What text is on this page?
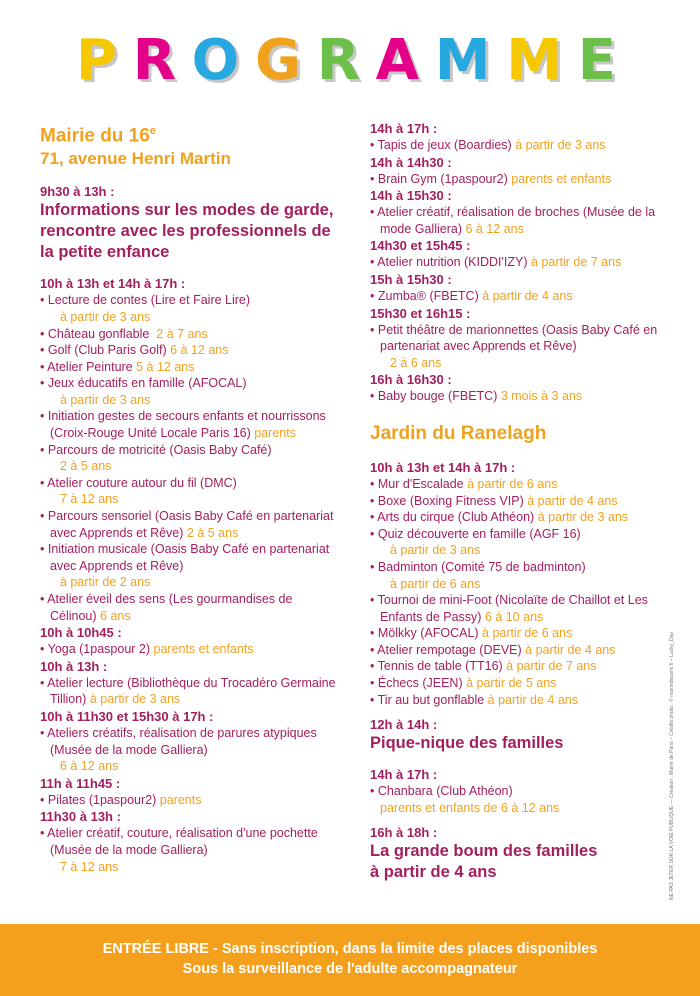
P R O G R A M M E
Mairie du 16e
71, avenue Henri Martin
9h30 à 13h :
Informations sur les modes de garde, rencontre avec les professionnels de la petite enfance
10h à 13h et 14h à 17h :
• Lecture de contes (Lire et Faire Lire)
à partir de 3 ans
• Château gonflable 2 à 7 ans
• Golf (Club Paris Golf) 6 à 12 ans
• Atelier Peinture 5 à 12 ans
• Jeux éducatifs en famille (AFOCAL)
à partir de 3 ans
• Initiation gestes de secours enfants et nourrissons (Croix-Rouge Unité Locale Paris 16) parents
• Parcours de motricité (Oasis Baby Café)
2 à 5 ans
• Atelier couture autour du fil (DMC)
7 à 12 ans
• Parcours sensoriel (Oasis Baby Café en partenariat avec Apprends et Rêve) 2 à 5 ans
• Initiation musicale (Oasis Baby Café en partenariat avec Apprends et Rêve)
à partir de 2 ans
• Atelier éveil des sens (Les gourmandises de Célinou) 6 ans
10h à 10h45 :
• Yoga (1paspour 2) parents et enfants
10h à 13h :
• Atelier lecture (Bibliothèque du Trocadéro Germaine Tillion) à partir de 3 ans
10h à 11h30 et 15h30 à 17h :
• Ateliers créatifs, réalisation de parures atypiques (Musée de la mode Galliera)
6 à 12 ans
11h à 11h45 :
• Pilates (1paspour2) parents
11h30 à 13h :
• Atelier créatif, couture, réalisation d'une pochette (Musée de la mode Galliera)
7 à 12 ans
14h à 17h :
• Tapis de jeux (Boardies) à partir de 3 ans
14h à 14h30 :
• Brain Gym (1paspour2) parents et enfants
14h à 15h30 :
• Atelier créatif, réalisation de broches (Musée de la mode Galliera) 6 à 12 ans
14h30 et 15h45 :
• Atelier nutrition (KIDDI'IZY) à partir de 7 ans
15h à 15h30 :
• Zumba® (FBETC) à partir de 4 ans
15h30 et 16h15 :
• Petit théâtre de marionnettes (Oasis Baby Café en partenariat avec Apprends et Rêve)
2 à 6 ans
16h à 16h30 :
• Baby bouge (FBETC) 3 mois à 3 ans
Jardin du Ranelagh
10h à 13h et 14h à 17h :
• Mur d'Escalade à partir de 6 ans
• Boxe (Boxing Fitness VIP) à partir de 4 ans
• Arts du cirque (Club Athéon) à partir de 3 ans
• Quiz découverte en famille (AGF 16)
à partir de 3 ans
• Badminton (Comité 75 de badminton)
à partir de 6 ans
• Tournoi de mini-Foot (Nicolaïte de Chaillot et Les Enfants de Passy) 6 à 10 ans
• Mölkky (AFOCAL) à partir de 6 ans
• Atelier rempotage (DEVE) à partir de 4 ans
• Tennis de table (TT16) à partir de 7 ans
• Échecs (JEEN) à partir de 5 ans
• Tir au but gonflable à partir de 4 ans
12h à 14h :
Pique-nique des familles
14h à 17h :
• Chanbara (Club Athéon)
parents et enfants de 6 à 12 ans
16h à 18h :
La grande boum des familles à partir de 4 ans	NE PAS JETER SUR LA VOIE PUBLIQUE — Création : Mairie de Paris – Crédits photo : © mairiedeparis.fr – Lucky_Day
ENTRÉE LIBRE - Sans inscription, dans la limite des places disponibles
Sous la surveillance de l'adulte accompagnateur
